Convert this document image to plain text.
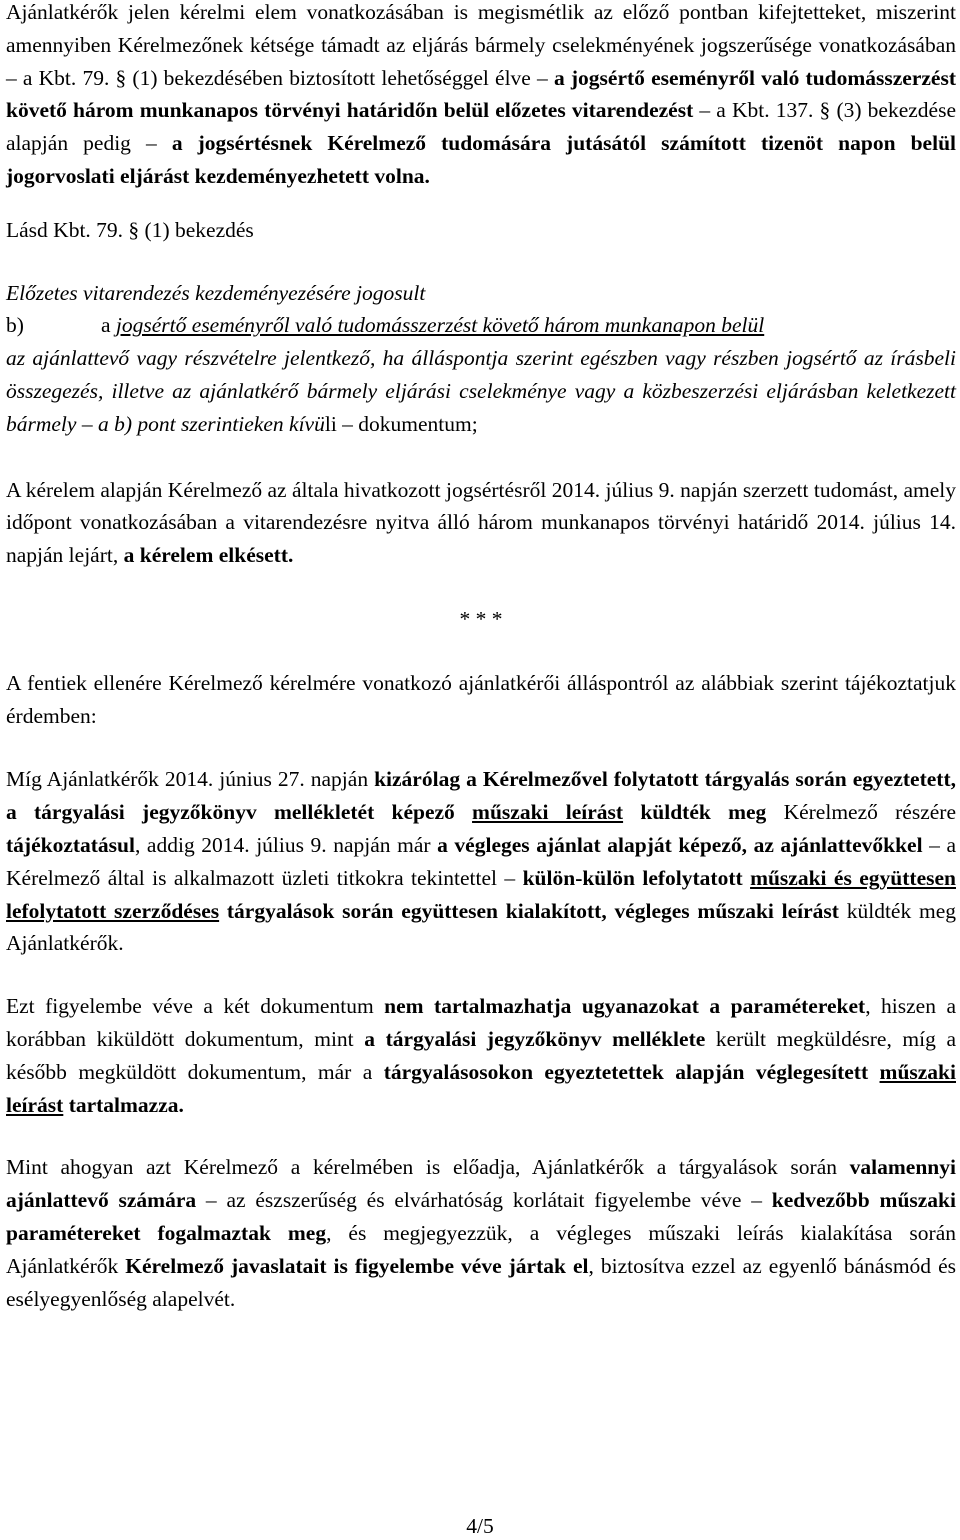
Ajánlatkérők jelen kérelmi elem vonatkozásában is megismétlik az előző pontban kifejtetteket, miszerint amennyiben Kérelmezőnek kétsége támadt az eljárás bármely cselekményének jogszerűsége vonatkozásában – a Kbt. 79. § (1) bekezdésében biztosított lehetőséggel élve – a jogsértő eseményről való tudomásszerzést követő három munkanapos törvényi határidőn belül előzetes vitarendezést – a Kbt. 137. § (3) bekezdése alapján pedig – a jogsértésnek Kérelmező tudomására jutásától számított tizenöt napon belül jogorvoslati eljárást kezdeményezhetett volna.

Lásd Kbt. 79. § (1) bekezdés

Előzetes vitarendezés kezdeményezésére jogosult

b)	a jogsértő eseményről való tudomásszerzést követő három munkanapon belül

az ajánlattevő vagy részvételre jelentkező, ha álláspontja szerint egészben vagy részben jogsértő az írásbeli összegezés, illetve az ajánlatkérő bármely eljárási cselekménye vagy a közbeszerzési eljárásban keletkezett bármely – a b) pont szerintieken kívüli – dokumentum;

A kérelem alapján Kérelmező az általa hivatkozott jogsértésről 2014. július 9. napján szerzett tudomást, amely időpont vonatkozásában a vitarendezésre nyitva álló három munkanapos törvényi határidő 2014. július 14. napján lejárt, a kérelem elkésett.

* * *

A fentiek ellenére Kérelmező kérelmére vonatkozó ajánlatkérői álláspontról az alábbiak szerint tájékoztatjuk érdemben:

Míg Ajánlatkérők 2014. június 27. napján kizárólag a Kérelmezővel folytatott tárgyalás során egyeztetett, a tárgyalási jegyzőkönyv mellékletét képező műszaki leírást küldték meg Kérelmező részére tájékoztatásul, addig 2014. július 9. napján már a végleges ajánlat alapját képező, az ajánlattevőkkel – a Kérelmező által is alkalmazott üzleti titkokra tekintettel – külön-külön lefolytatott műszaki és együttesen lefolytatott szerződéses tárgyalások során együttesen kialakított, végleges műszaki leírást küldték meg Ajánlatkérők.

Ezt figyelembe véve a két dokumentum nem tartalmazhatja ugyanazokat a paramétereket, hiszen a korábban kiküldött dokumentum, mint a tárgyalási jegyzőkönyv melléklete került megküldésre, míg a később megküldött dokumentum, már a tárgyalásosokon egyeztetettek alapján véglegesített műszaki leírást tartalmazza.

Mint ahogyan azt Kérelmező a kérelmében is előadja, Ajánlatkérők a tárgyalások során valamennyi ajánlattevő számára – az észszerűség és elvárhatóság korlátait figyelembe véve – kedvezőbb műszaki paramétereket fogalmaztak meg, és megjegyezzük, a végleges műszaki leírás kialakítása során Ajánlatkérők Kérelmező javaslatait is figyelembe véve jártak el, biztosítva ezzel az egyenlő bánásmód és esélyegyenlőség alapelvét.

4/5
